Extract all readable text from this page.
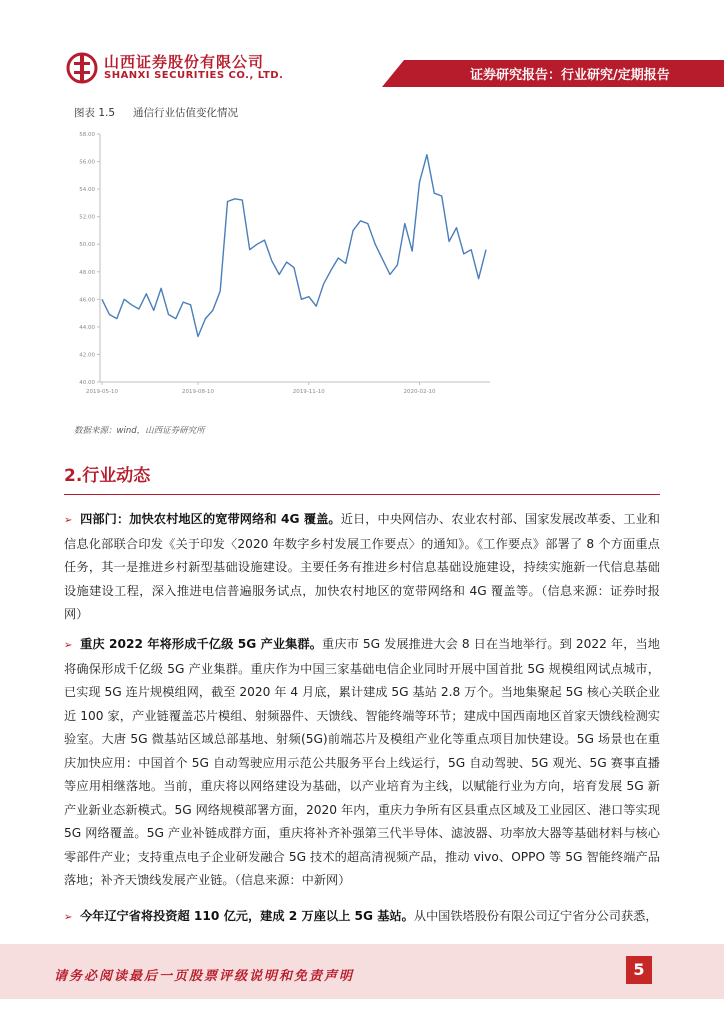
山西证券股份有限公司
SHANXI SECURITIES CO., LTD.	证券研究报告：行业研究/定期报告
图表 1.5 通信行业估值变化情况
58.00
56.00
54.00
52.00
50.00
48.00
46.00
44.00
42.00
40.00
2019-05-10	2019-08-10	2019-11-10	2020-02-10
数据来源：wind，山西证券研究所
2.行业动态
➢ 四部门：加快农村地区的宽带网络和 4G 覆盖。近日，中央网信办、农业农村部、国家发展改革委、工业和信息化部联合印发《关于印发〈2020 年数字乡村发展工作要点〉的通知》。《工作要点》部署了 8 个方面重点任务，其一是推进乡村新型基础设施建设。主要任务有推进乡村信息基础设施建设，持续实施新一代信息基础设施建设工程，深入推进电信普遍服务试点，加快农村地区的宽带网络和 4G 覆盖等。（信息来源：证券时报网）
➢ 重庆 2022 年将形成千亿级 5G 产业集群。重庆市 5G 发展推进大会 8 日在当地举行。到 2022 年，当地将确保形成千亿级 5G 产业集群。重庆作为中国三家基础电信企业同时开展中国首批 5G 规模组网试点城市，已实现 5G 连片规模组网，截至 2020 年 4 月底，累计建成 5G 基站 2.8 万个。当地集聚起 5G 核心关联企业近 100 家，产业链覆盖芯片模组、射频器件、天馈线、智能终端等环节；建成中国西南地区首家天馈线检测实验室。大唐 5G 微基站区域总部基地、射频(5G)前端芯片及模组产业化等重点项目加快建设。5G 场景也在重庆加快应用：中国首个 5G 自动驾驶应用示范公共服务平台上线运行，5G 自动驾驶、5G 观光、5G 赛事直播等应用相继落地。当前，重庆将以网络建设为基础，以产业培育为主线，以赋能行业为方向，培育发展 5G 新产业新业态新模式。5G 网络规模部署方面，2020 年内，重庆力争所有区县重点区域及工业园区、港口等实现 5G 网络覆盖。5G 产业补链成群方面，重庆将补齐补强第三代半导体、滤波器、功率放大器等基础材料与核心零部件产业；支持重点电子企业研发融合 5G 技术的超高清视频产品，推动 vivo、OPPO 等 5G 智能终端产品落地；补齐天馈线发展产业链。（信息来源：中新网）
➢ 今年辽宁省将投资超 110 亿元，建成 2 万座以上 5G 基站。从中国铁塔股份有限公司辽宁省分公司获悉，
请务必阅读最后一页股票评级说明和免责声明	5
